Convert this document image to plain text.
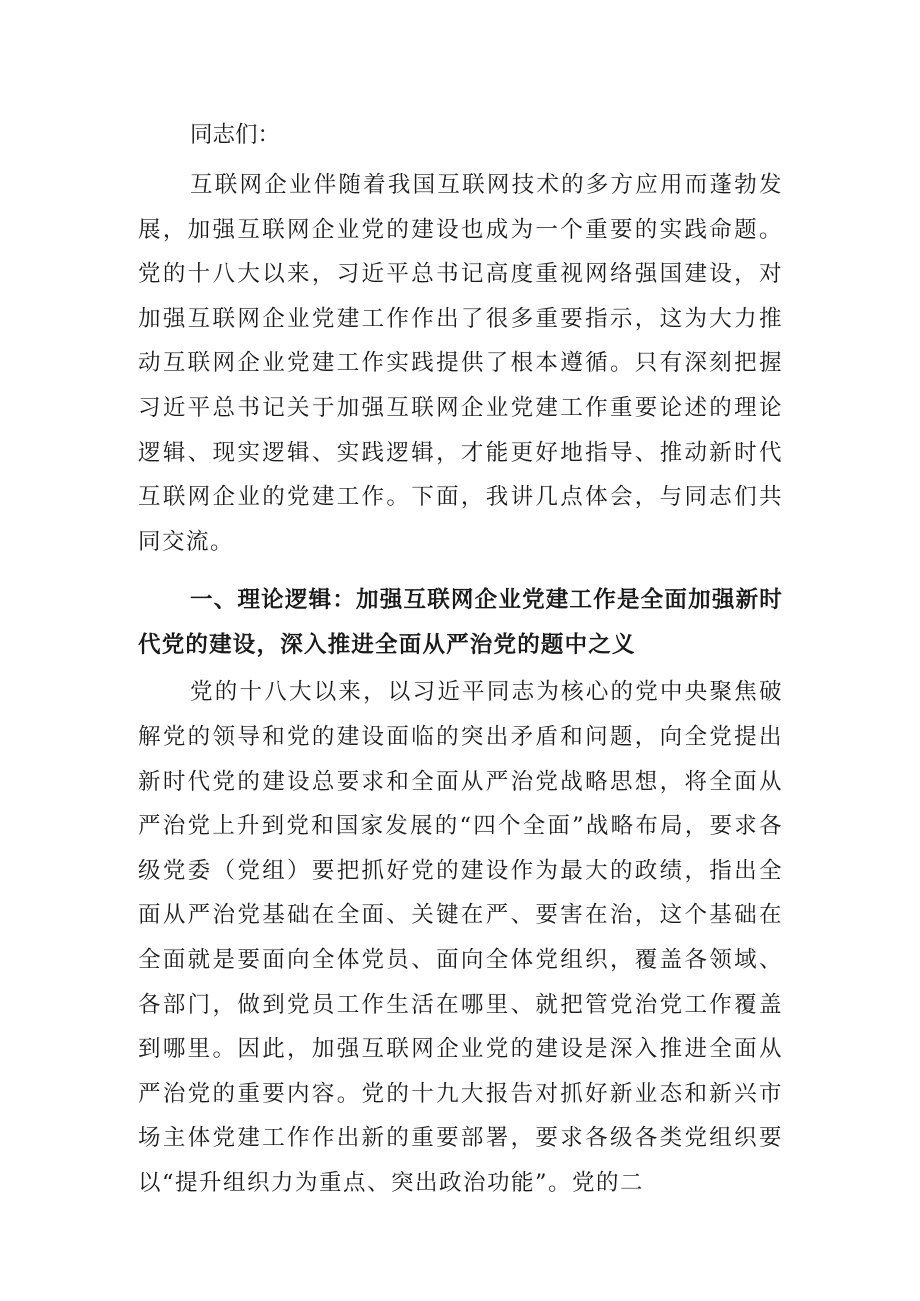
同志们：

互联网企业伴随着我国互联网技术的多方应用而蓬勃发展，加强互联网企业党的建设也成为一个重要的实践命题。党的十八大以来，习近平总书记高度重视网络强国建设，对加强互联网企业党建工作作出了很多重要指示，这为大力推动互联网企业党建工作实践提供了根本遵循。只有深刻把握习近平总书记关于加强互联网企业党建工作重要论述的理论逻辑、现实逻辑、实践逻辑，才能更好地指导、推动新时代互联网企业的党建工作。下面，我讲几点体会，与同志们共同交流。

一、理论逻辑：加强互联网企业党建工作是全面加强新时代党的建设，深入推进全面从严治党的题中之义

党的十八大以来，以习近平同志为核心的党中央聚焦破解党的领导和党的建设面临的突出矛盾和问题，向全党提出新时代党的建设总要求和全面从严治党战略思想，将全面从严治党上升到党和国家发展的“四个全面”战略布局，要求各级党委（党组）要把抓好党的建设作为最大的政绩，指出全面从严治党基础在全面、关键在严、要害在治，这个基础在全面就是要面向全体党员、面向全体党组织，覆盖各领域、各部门，做到党员工作生活在哪里、就把管党治党工作覆盖到哪里。因此，加强互联网企业党的建设是深入推进全面从严治党的重要内容。党的十九大报告对抓好新业态和新兴市场主体党建工作作出新的重要部署，要求各级各类党组织要以“提升组织力为重点、突出政治功能”。党的二
